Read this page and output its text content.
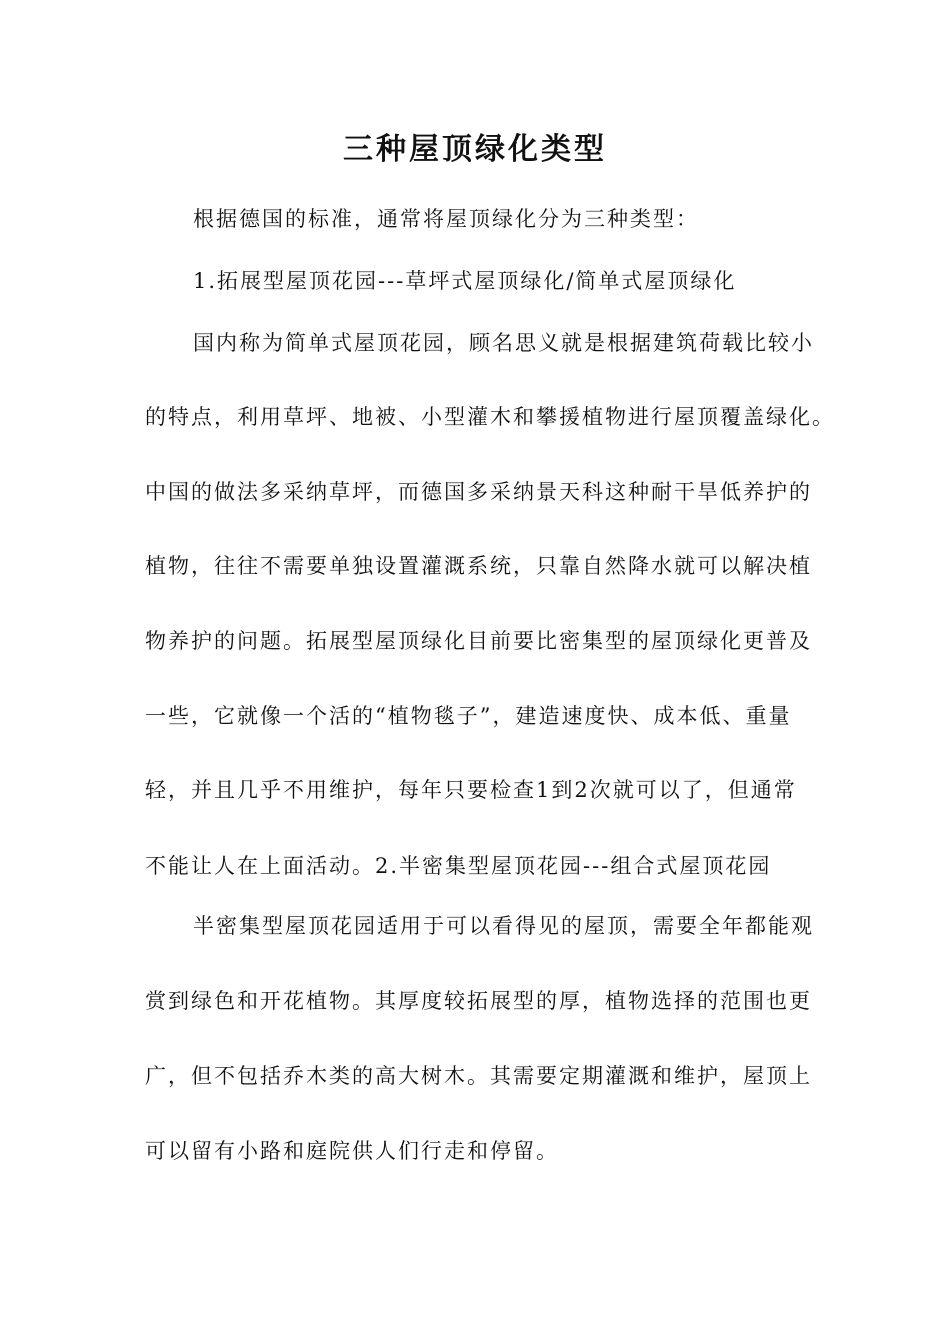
三种屋顶绿化类型

根据德国的标准，通常将屋顶绿化分为三种类型：

1.拓展型屋顶花园---草坪式屋顶绿化/简单式屋顶绿化

国内称为简单式屋顶花园，顾名思义就是根据建筑荷载比较小

的特点，利用草坪、地被、小型灌木和攀援植物进行屋顶覆盖绿化。

中国的做法多采纳草坪，而德国多采纳景天科这种耐干旱低养护的

植物，往往不需要单独设置灌溉系统，只靠自然降水就可以解决植

物养护的问题。拓展型屋顶绿化目前要比密集型的屋顶绿化更普及

一些，它就像一个活的“植物毯子”，建造速度快、成本低、重量

轻，并且几乎不用维护，每年只要检查1到2次就可以了，但通常

不能让人在上面活动。2.半密集型屋顶花园---组合式屋顶花园

半密集型屋顶花园适用于可以看得见的屋顶，需要全年都能观

赏到绿色和开花植物。其厚度较拓展型的厚，植物选择的范围也更

广，但不包括乔木类的高大树木。其需要定期灌溉和维护，屋顶上

可以留有小路和庭院供人们行走和停留。
